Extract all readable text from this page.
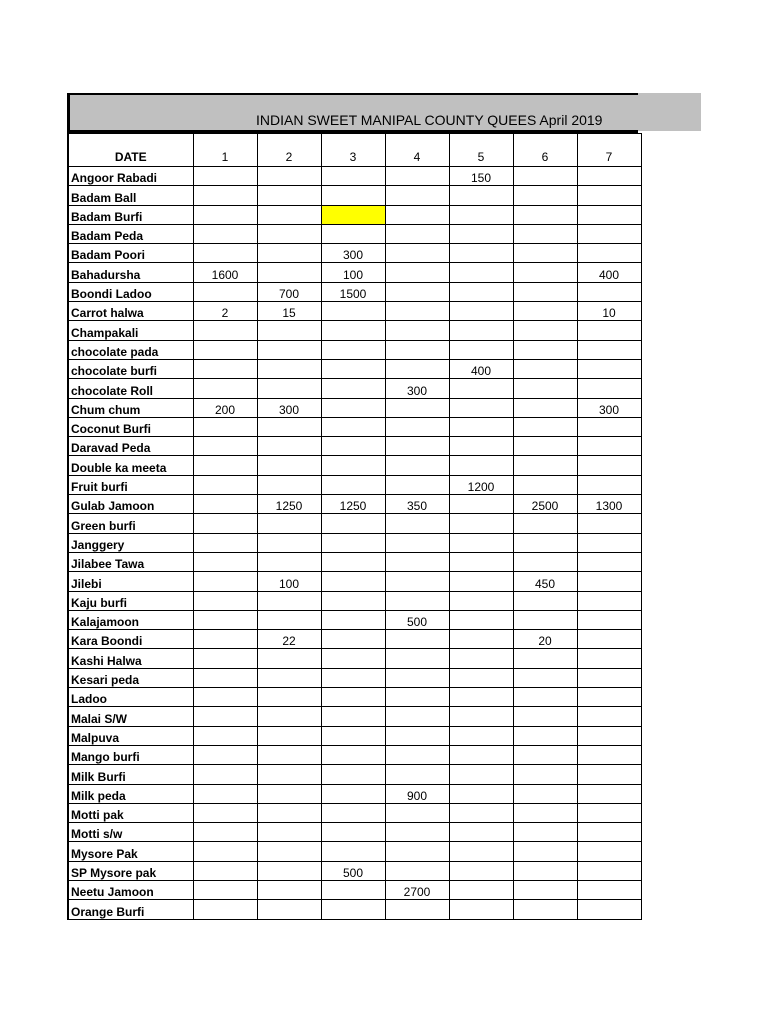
INDIAN SWEET MANIPAL COUNTY QUEES April 2019
DATE	1	2	3	4	5	6	7
Angoor Rabadi					150		
Badam Ball							
Badam Burfi							
Badam Peda							
Badam Poori			300				
Bahadursha	1600		100				400
Boondi Ladoo		700	1500				
Carrot halwa	2	15					10
Champakali							
chocolate pada							
chocolate burfi					400		
chocolate Roll				300			
Chum chum	200	300					300
Coconut Burfi							
Daravad Peda							
Double ka meeta							
Fruit burfi					1200		
Gulab Jamoon		1250	1250	350		2500	1300
Green burfi							
Janggery							
Jilabee Tawa							
Jilebi		100				450	
Kaju burfi							
Kalajamoon				500			
Kara Boondi		22				20	
Kashi Halwa							
Kesari peda							
Ladoo							
Malai S/W							
Malpuva							
Mango burfi							
Milk Burfi							
Milk peda				900			
Motti pak							
Motti s/w							
Mysore Pak							
SP Mysore pak			500				
Neetu Jamoon				2700			
Orange Burfi							
